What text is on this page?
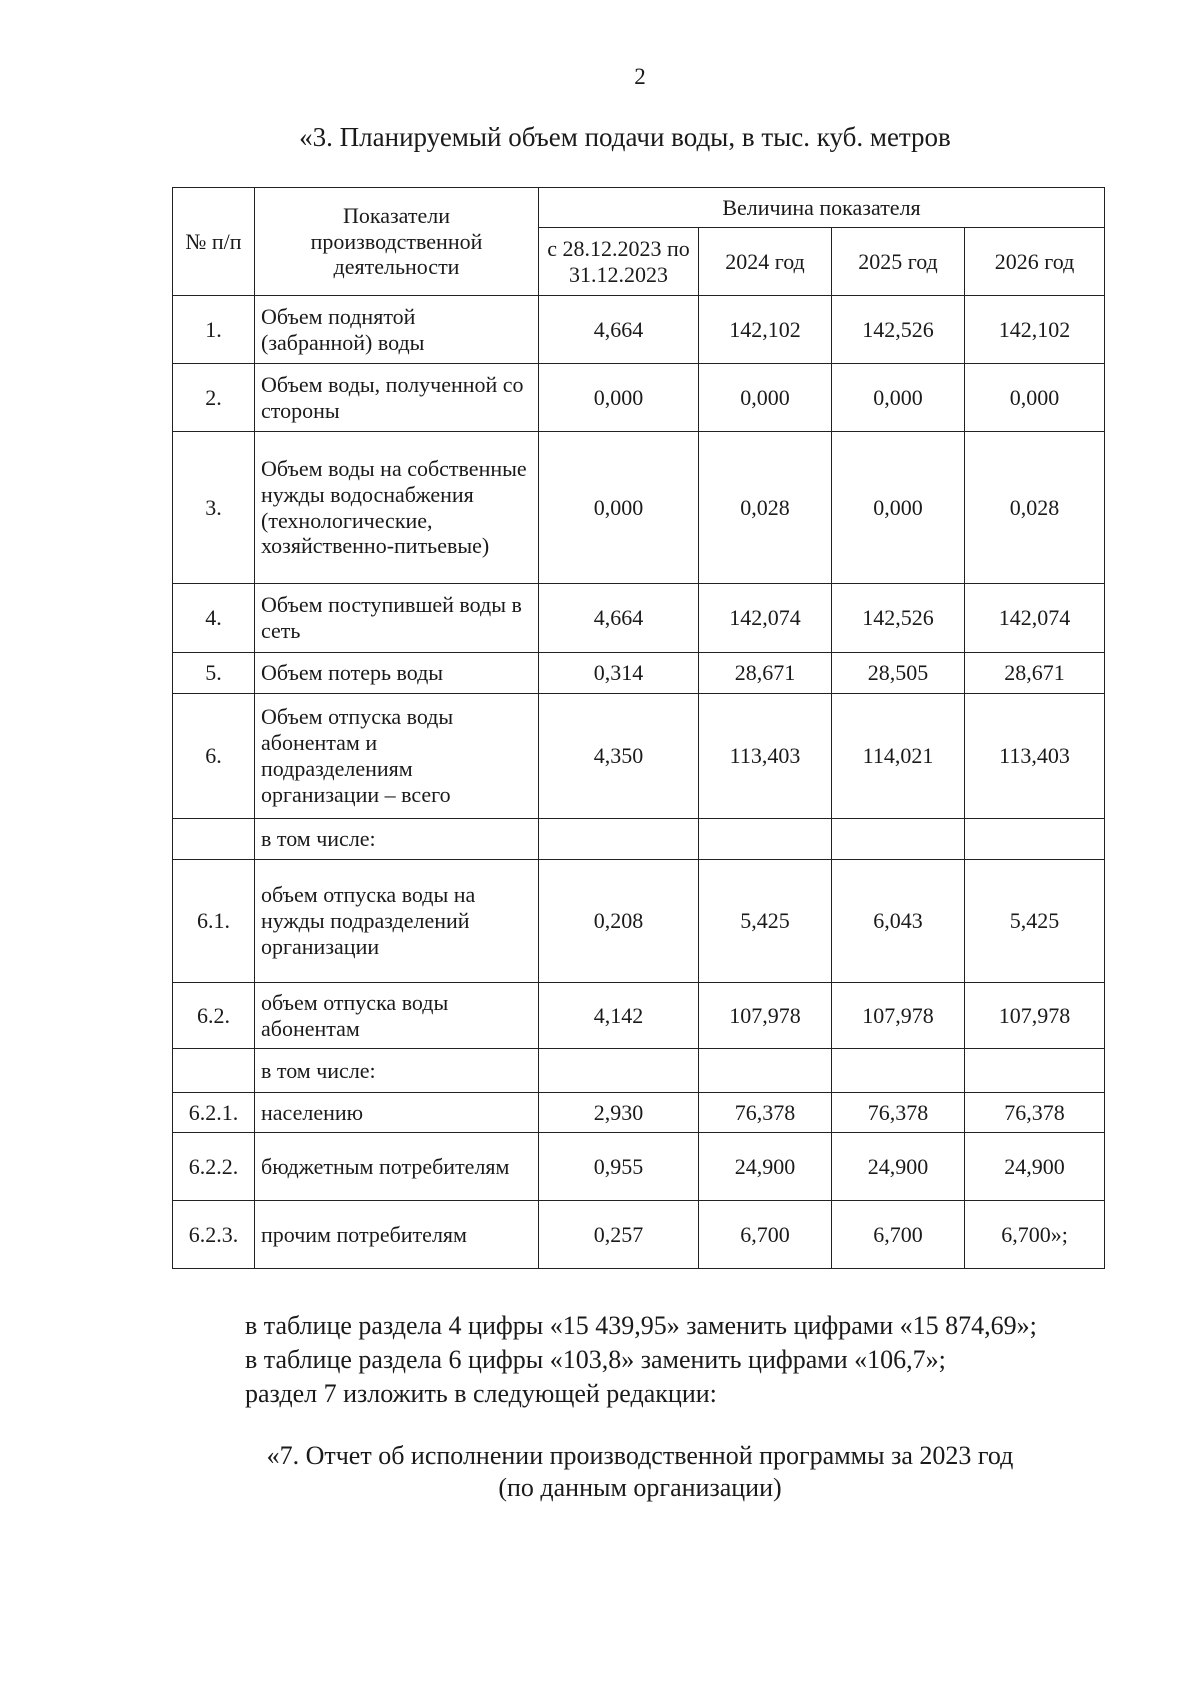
2
«3. Планируемый объем подачи воды, в тыс. куб. метров
№ п/п	Показатели производственной деятельности	Величина показателя			
		с 28.12.2023 по 31.12.2023	2024 год	2025 год	2026 год
1.	Объем поднятой (забранной) воды	4,664	142,102	142,526	142,102
2.	Объем воды, полученной со стороны	0,000	0,000	0,000	0,000
3.	Объем воды на собственные нужды водоснабжения (технологические, хозяйственно-питьевые)	0,000	0,028	0,000	0,028
4.	Объем поступившей воды в сеть	4,664	142,074	142,526	142,074
5.	Объем потерь воды	0,314	28,671	28,505	28,671
6.	Объем отпуска воды абонентам и подразделениям организации – всего	4,350	113,403	114,021	113,403
	в том числе:				
6.1.	объем отпуска воды на нужды подразделений организации	0,208	5,425	6,043	5,425
6.2.	объем отпуска воды абонентам	4,142	107,978	107,978	107,978
	в том числе:				
6.2.1.	населению	2,930	76,378	76,378	76,378
6.2.2.	бюджетным потребителям	0,955	24,900	24,900	24,900
6.2.3.	прочим потребителям	0,257	6,700	6,700	6,700»;
в таблице раздела 4 цифры «15 439,95» заменить цифрами «15 874,69»;
в таблице раздела 6 цифры «103,8» заменить цифрами «106,7»;
раздел 7 изложить в следующей редакции:
«7. Отчет об исполнении производственной программы за 2023 год
(по данным организации)
